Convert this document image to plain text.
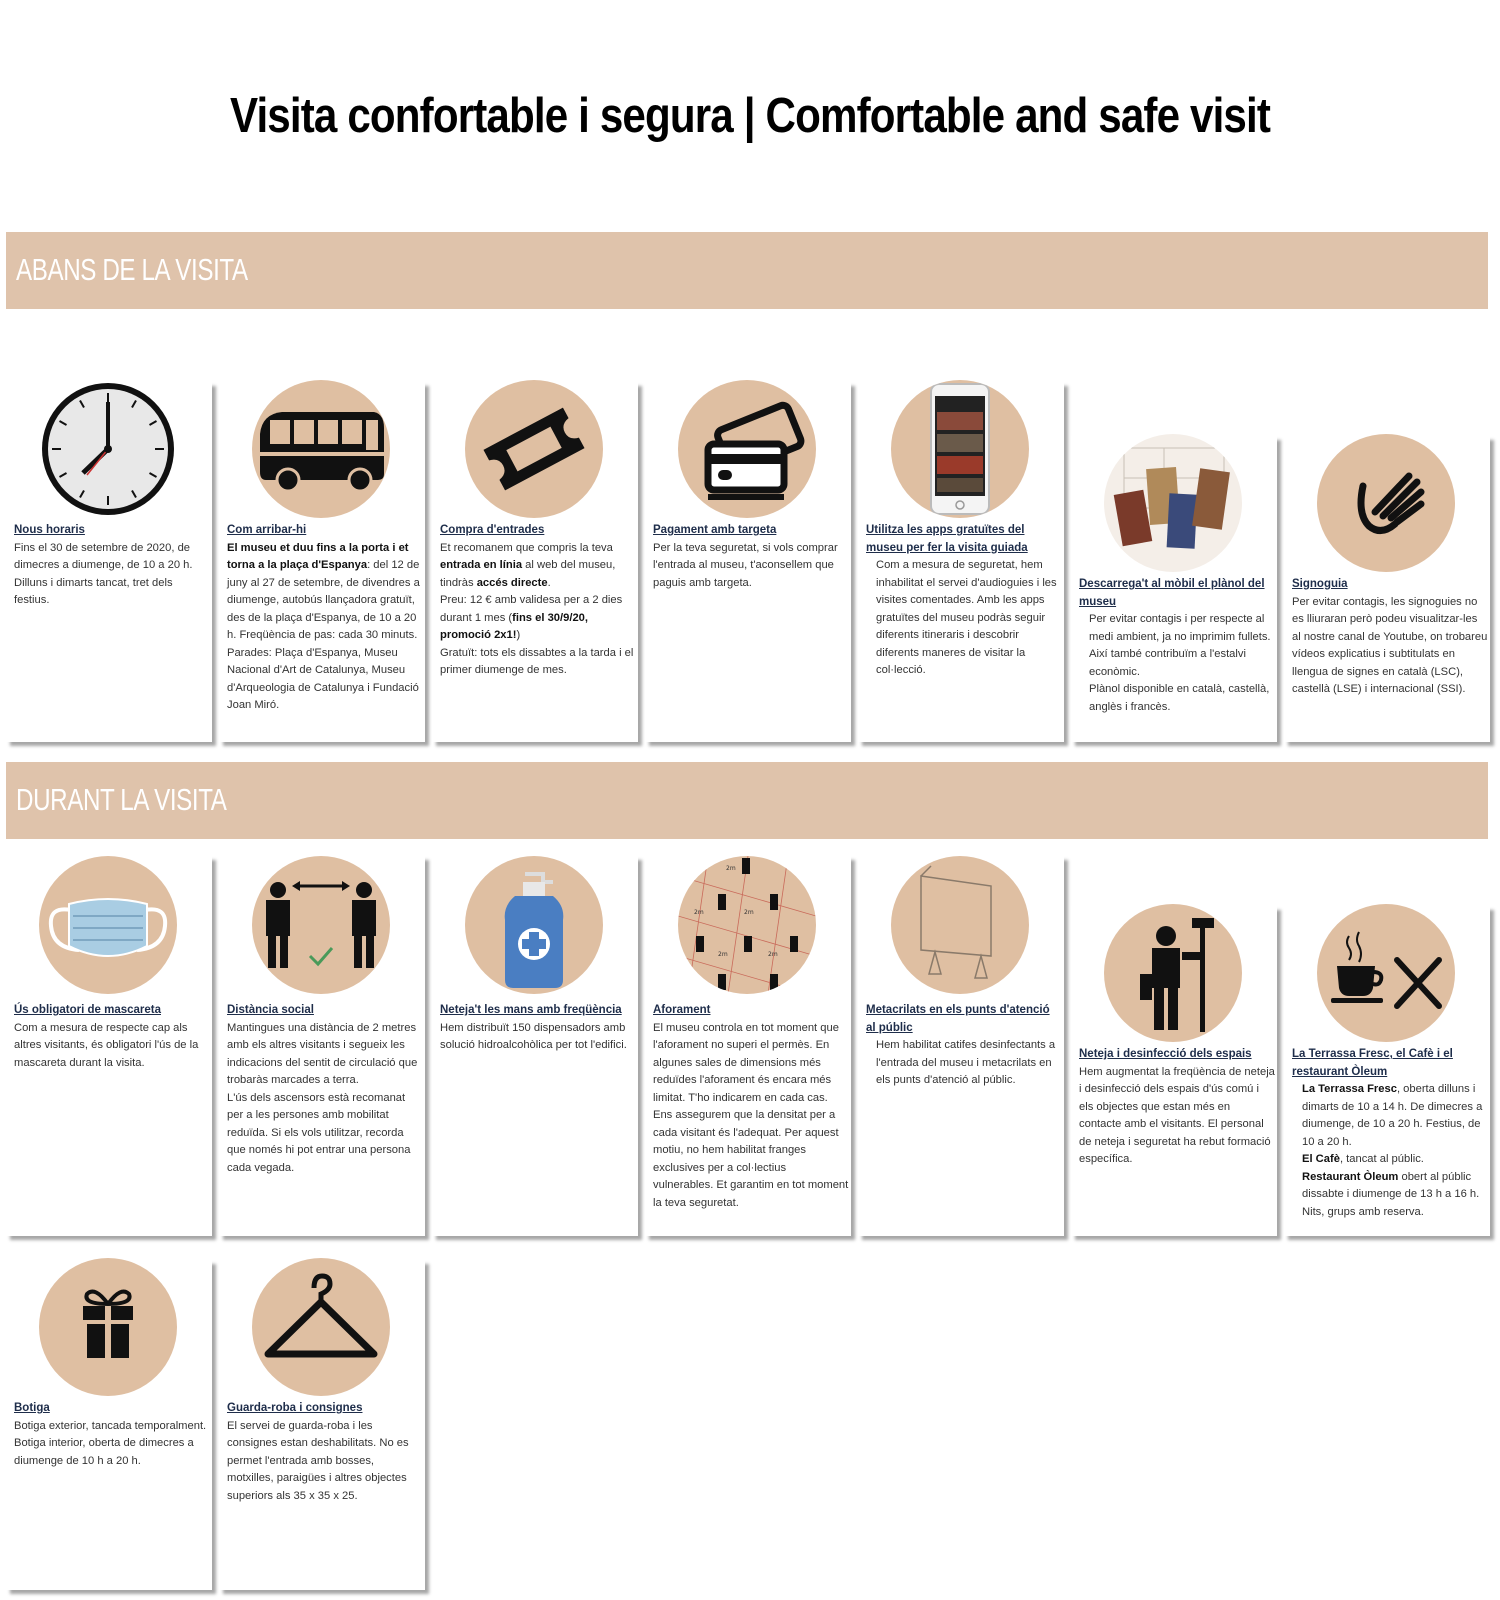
Visita confortable i segura | Comfortable and safe visit
ABANS DE LA VISITA
Nous horaris
Fins el 30 de setembre de 2020, de dimecres a diumenge, de 10 a 20 h. Dilluns i dimarts tancat, tret dels festius.
Com arribar-hi
El museu et duu fins a la porta i et torna a la plaça d'Espanya: del 12 de juny al 27 de setembre, de divendres a diumenge, autobús llançadora gratuït, des de la plaça d'Espanya, de 10 a 20 h. Freqüència de pas: cada 30 minuts.
Parades: Plaça d'Espanya, Museu Nacional d'Art de Catalunya, Museu d'Arqueologia de Catalunya i Fundació Joan Miró.
Compra d'entrades
Et recomanem que compris la teva entrada en línia al web del museu, tindràs accés directe.
Preu: 12 € amb validesa per a 2 dies durant 1 mes (fins el 30/9/20, promoció 2x1!)
Gratuït: tots els dissabtes a la tarda i el primer diumenge de mes.
Pagament amb targeta
Per la teva seguretat, si vols comprar l'entrada al museu, t'aconsellem que paguis amb targeta.
Utilitza les apps gratuïtes del museu per fer la visita guiada
Com a mesura de seguretat, hem inhabilitat el servei d'audioguies i les visites comentades. Amb les apps gratuïtes del museu podràs seguir diferents itineraris i descobrir diferents maneres de visitar la col·lecció.
Descarrega't al mòbil el plànol del museu
Per evitar contagis i per respecte al medi ambient, ja no imprimim fullets. Així també contribuïm a l'estalvi econòmic.
Plànol disponible en català, castellà, anglès i francès.
Signoguia
Per evitar contagis, les signoguies no es lliuraran però podeu visualitzar-les al nostre canal de Youtube, on trobareu vídeos explicatius i subtitulats en llengua de signes en català (LSC), castellà (LSE) i internacional (SSI).
DURANT LA VISITA
Ús obligatori de mascareta
Com a mesura de respecte cap als altres visitants, és obligatori l'ús de la mascareta durant la visita.
Distància social
Mantingues una distància de 2 metres amb els altres visitants i segueix les indicacions del sentit de circulació que trobaràs marcades a terra.
L'ús dels ascensors està recomanat per a les persones amb mobilitat reduïda. Si els vols utilitzar, recorda que només hi pot entrar una persona cada vegada.
Neteja't les mans amb freqüència
Hem distribuït 150 dispensadors amb solució hidroalcohòlica per tot l'edifici.
2m
2m	2m
2m	2m
Aforament
El museu controla en tot moment que l'aforament no superi el permès. En algunes sales de dimensions més reduïdes l'aforament és encara més limitat. T'ho indicarem en cada cas.
Ens assegurem que la densitat per a cada visitant és l'adequat. Per aquest motiu, no hem habilitat franges exclusives per a col·lectius vulnerables. Et garantim en tot moment la teva seguretat.
Metacrilats en els punts d'atenció al públic
Hem habilitat catifes desinfectants a l'entrada del museu i metacrilats en els punts d'atenció al públic.
Neteja i desinfecció dels espais
Hem augmentat la freqüència de neteja i desinfecció dels espais d'ús comú i els objectes que estan més en contacte amb el visitants. El personal de neteja i seguretat ha rebut formació específica.
La Terrassa Fresc, el Cafè i el restaurant Òleum
La Terrassa Fresc, oberta dilluns i dimarts de 10 a 14 h. De dimecres a diumenge, de 10 a 20 h. Festius, de 10 a 20 h.
El Cafè, tancat al públic.
Restaurant Òleum obert al públic dissabte i diumenge de 13 h a 16 h.
Nits, grups amb reserva.
Botiga
Botiga exterior, tancada temporalment.
Botiga interior, oberta de dimecres a diumenge de 10 h a 20 h.
Guarda-roba i consignes
El servei de guarda-roba i les consignes estan deshabilitats. No es permet l'entrada amb bosses, motxilles, paraigües i altres objectes superiors als 35 x 35 x 25.
